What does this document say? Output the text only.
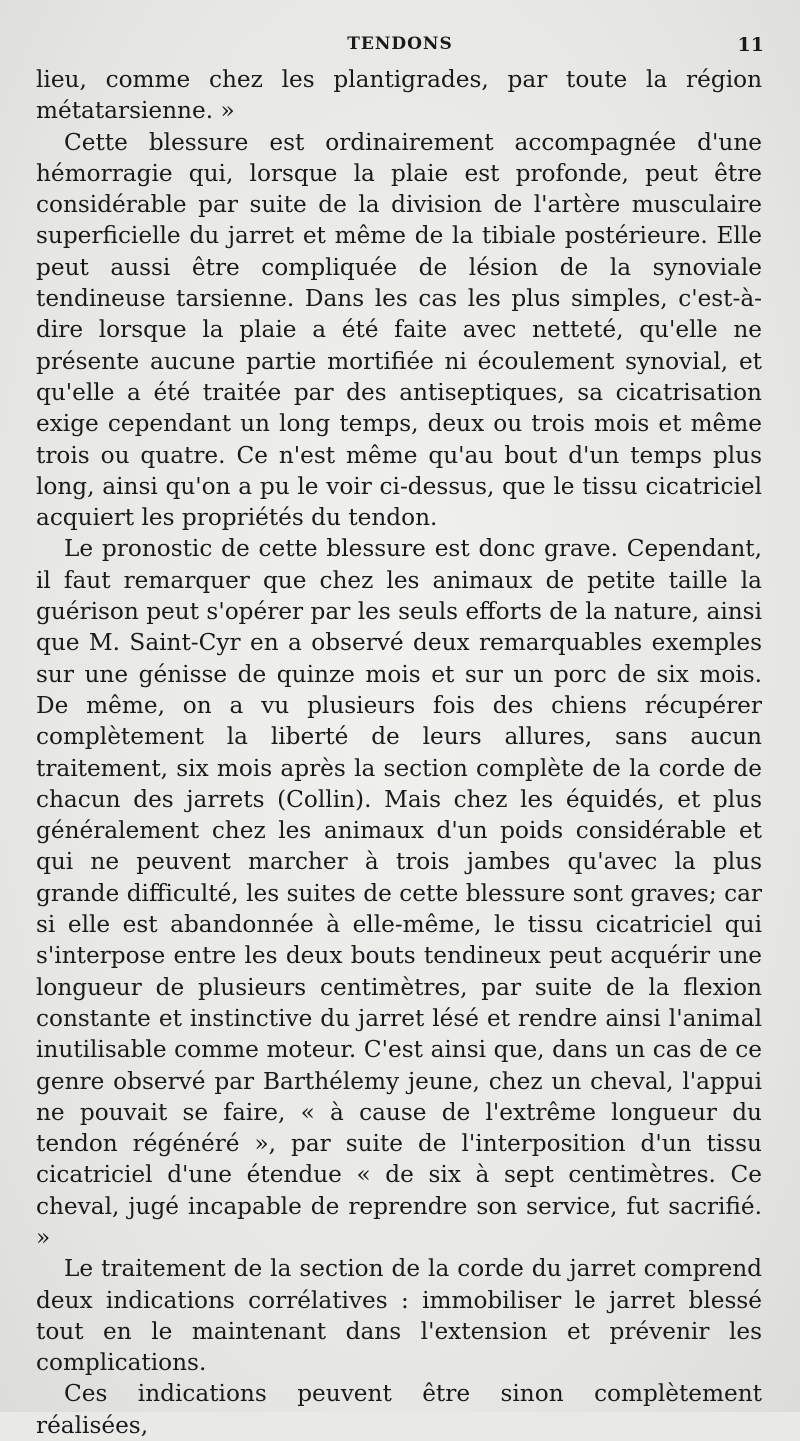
TENDONS	11

lieu, comme chez les plantigrades, par toute la région métatarsienne. »

Cette blessure est ordinairement accompagnée d'une hémorragie qui, lorsque la plaie est profonde, peut être considérable par suite de la division de l'artère musculaire superficielle du jarret et même de la tibiale postérieure. Elle peut aussi être compliquée de lésion de la synoviale tendineuse tarsienne. Dans les cas les plus simples, c'est-à-dire lorsque la plaie a été faite avec netteté, qu'elle ne présente aucune partie mortifiée ni écoulement synovial, et qu'elle a été traitée par des antiseptiques, sa cicatrisation exige cependant un long temps, deux ou trois mois et même trois ou quatre. Ce n'est même qu'au bout d'un temps plus long, ainsi qu'on a pu le voir ci-dessus, que le tissu cicatriciel acquiert les propriétés du tendon.

Le pronostic de cette blessure est donc grave. Cependant, il faut remarquer que chez les animaux de petite taille la guérison peut s'opérer par les seuls efforts de la nature, ainsi que M. Saint-Cyr en a observé deux remarquables exemples sur une génisse de quinze mois et sur un porc de six mois. De même, on a vu plusieurs fois des chiens récupérer complètement la liberté de leurs allures, sans aucun traitement, six mois après la section complète de la corde de chacun des jarrets (Collin). Mais chez les équidés, et plus généralement chez les animaux d'un poids considérable et qui ne peuvent marcher à trois jambes qu'avec la plus grande difficulté, les suites de cette blessure sont graves; car si elle est abandonnée à elle-même, le tissu cicatriciel qui s'interpose entre les deux bouts tendineux peut acquérir une longueur de plusieurs centimètres, par suite de la flexion constante et instinctive du jarret lésé et rendre ainsi l'animal inutilisable comme moteur. C'est ainsi que, dans un cas de ce genre observé par Barthélemy jeune, chez un cheval, l'appui ne pouvait se faire, « à cause de l'extrême longueur du tendon régénéré », par suite de l'interposition d'un tissu cicatriciel d'une étendue « de six à sept centimètres. Ce cheval, jugé incapable de reprendre son service, fut sacrifié. »

Le traitement de la section de la corde du jarret comprend deux indications corrélatives : immobiliser le jarret blessé tout en le maintenant dans l'extension et prévenir les complications.

Ces indications peuvent être sinon complètement réalisées,
